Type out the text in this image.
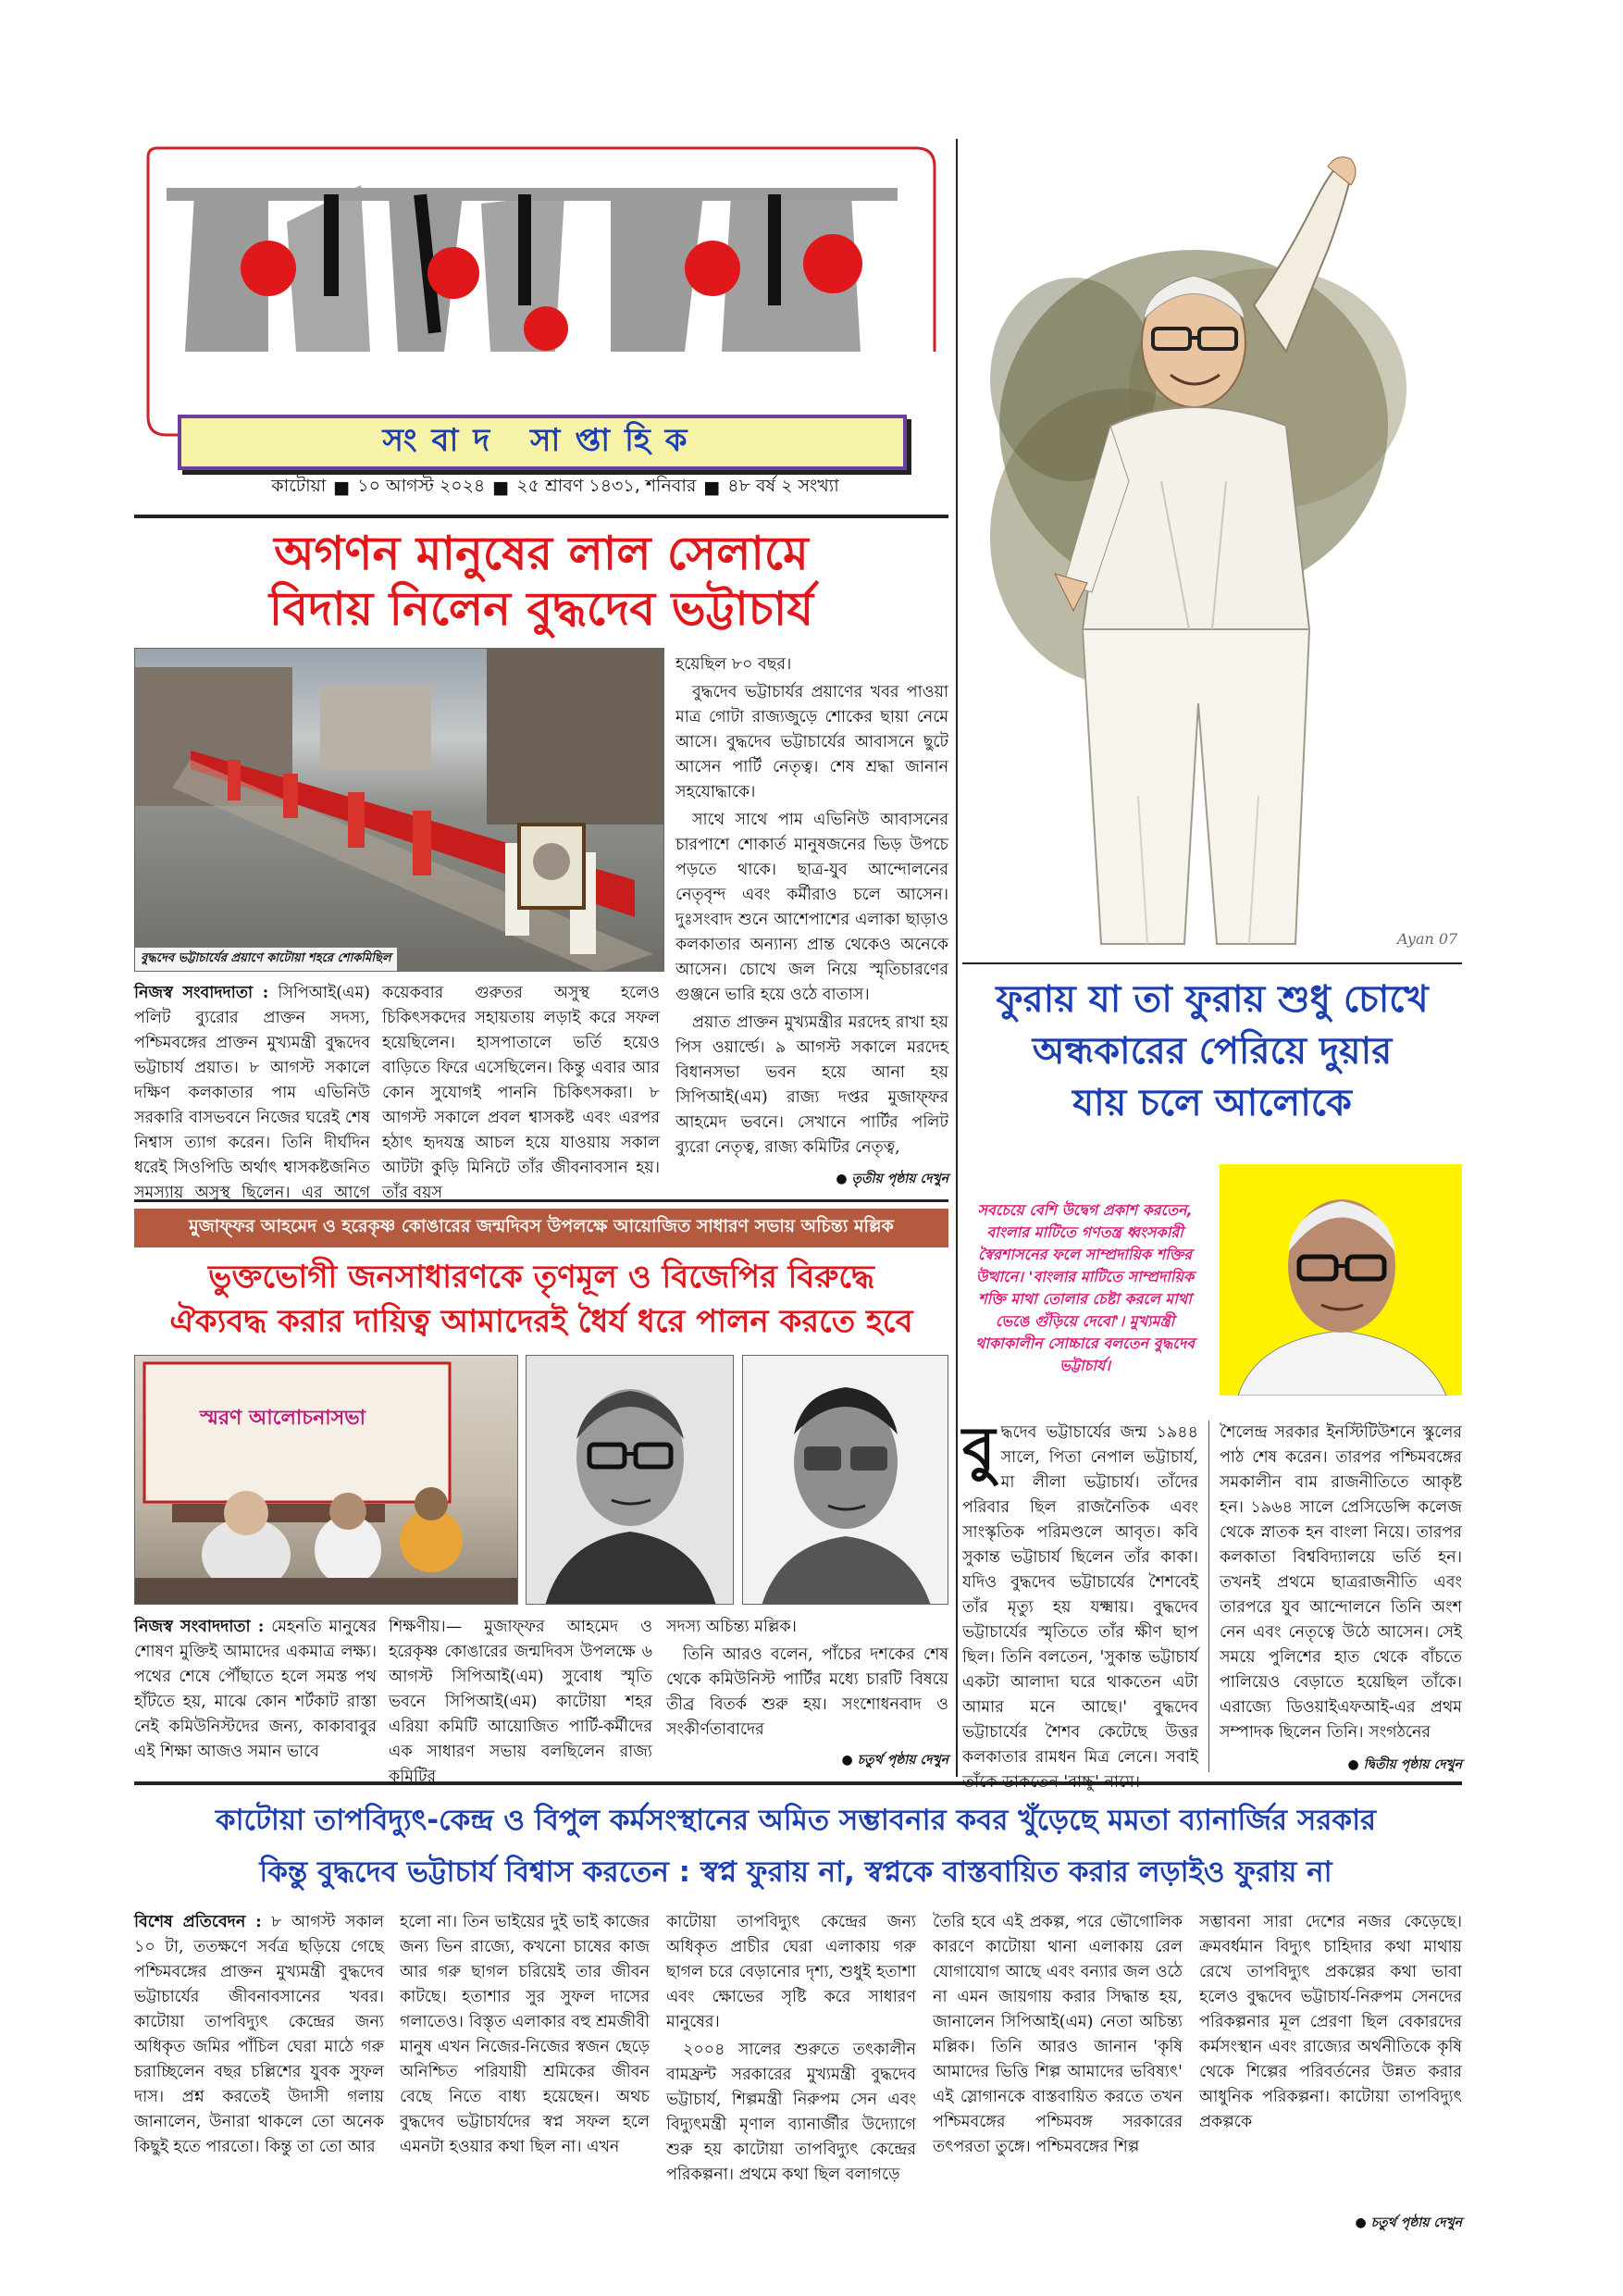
সংবাদ সাপ্তাহিক
কাটোয়া ■ ১০ আগস্ট ২০২৪ ■ ২৫ শ্রাবণ ১৪৩১, শনিবার ■ ৪৮ বর্ষ ২ সংখ্যা
অগণন মানুষের লাল সেলামে
বিদায় নিলেন বুদ্ধদেব ভট্টাচার্য
বুদ্ধদেব ভট্টাচার্যের প্রয়াণে কাটোয়া শহরে শোকমিছিল

নিজস্ব সংবাদদাতা : সিপিআই(এম) পলিট ব্যুরোর প্রাক্তন সদস্য, পশ্চিমবঙ্গের প্রাক্তন মুখ্যমন্ত্রী বুদ্ধদেব ভট্টাচার্য প্রয়াত। ৮ আগস্ট সকালে দক্ষিণ কলকাতার পাম এভিনিউ সরকারি বাসভবনে নিজের ঘরেই শেষ নিশ্বাস ত্যাগ করেন। তিনি দীর্ঘদিন ধরেই সিওপিডি অর্থাৎ শ্বাসকষ্টজনিত সমস্যায় অসুস্থ ছিলেন। এর আগে

কয়েকবার গুরুতর অসুস্থ হলেও চিকিৎসকদের সহায়তায় লড়াই করে সফল হয়েছিলেন। হাসপাতালে ভর্তি হয়েও বাড়িতে ফিরে এসেছিলেন। কিন্তু এবার আর কোন সুযোগই পাননি চিকিৎসকরা। ৮ আগস্ট সকালে প্রবল শ্বাসকষ্ট এবং এরপর হঠাৎ হৃদযন্ত্র আচল হয়ে যাওয়ায় সকাল আটটা কুড়ি মিনিটে তাঁর জীবনাবসান হয়। তাঁর বয়স

হয়েছিল ৮০ বছর।

বুদ্ধদেব ভট্টাচার্যর প্রয়াণের খবর পাওয়া মাত্র গোটা রাজ্যজুড়ে শোকের ছায়া নেমে আসে। বুদ্ধদেব ভট্টাচার্যের আবাসনে ছুটে আসেন পার্টি নেতৃত্ব। শেষ শ্রদ্ধা জানান সহযোদ্ধাকে।

সাথে সাথে পাম এভিনিউ আবাসনের চারপাশে শোকার্ত মানুষজনের ভিড় উপচে পড়তে থাকে। ছাত্র-যুব আন্দোলনের নেতৃবৃন্দ এবং কর্মীরাও চলে আসেন। দুঃসংবাদ শুনে আশেপাশের এলাকা ছাড়াও কলকাতার অন্যান্য প্রান্ত থেকেও অনেকে আসেন। চোখে জল নিয়ে স্মৃতিচারণের গুঞ্জনে ভারি হয়ে ওঠে বাতাস।

প্রয়াত প্রাক্তন মুখ্যমন্ত্রীর মরদেহ রাখা হয় পিস ওয়ার্ল্ডে। ৯ আগস্ট সকালে মরদেহ বিধানসভা ভবন হয়ে আনা হয় সিপিআই(এম) রাজ্য দপ্তর মুজাফ্‌ফর আহমেদ ভবনে। সেখানে পার্টির পলিট ব্যুরো নেতৃত্ব, রাজ্য কমিটির নেতৃত্ব,

● তৃতীয় পৃষ্ঠায় দেখুন
Ayan 07
ফুরায় যা তা ফুরায় শুধু চোখে
অন্ধকারের পেরিয়ে দুয়ার
যায় চলে আলোকে
সবচেয়ে বেশি উদ্বেগ প্রকাশ করতেন, বাংলার মাটিতে গণতন্ত্র ধ্বংসকারী স্বৈরশাসনের ফলে সাম্প্রদায়িক শক্তির উত্থানে। 'বাংলার মাটিতে সাম্প্রদায়িক শক্তি মাথা তোলার চেষ্টা করলে মাথা ভেঙে গুঁড়িয়ে দেবো'। মুখ্যমন্ত্রী থাকাকালীন সোচ্চারে বলতেন বুদ্ধদেব ভট্টাচার্য।

বুদ্ধদেব ভট্টাচার্যের জন্ম ১৯৪৪ সালে, পিতা নেপাল ভট্টাচার্য, মা লীলা ভট্টাচার্য। তাঁদের পরিবার ছিল রাজনৈতিক এবং সাংস্কৃতিক পরিমণ্ডলে আবৃত। কবি সুকান্ত ভট্টাচার্য ছিলেন তাঁর কাকা। যদিও বুদ্ধদেব ভট্টাচার্যের শৈশবেই তাঁর মৃত্যু হয় যক্ষ্মায়। বুদ্ধদেব ভট্টাচার্যের স্মৃতিতে তাঁর ক্ষীণ ছাপ ছিল। তিনি বলতেন, 'সুকান্ত ভট্টাচার্য একটা আলাদা ঘরে থাকতেন এটা আমার মনে আছে।' বুদ্ধদেব ভট্টাচার্যের শৈশব কেটেছে উত্তর কলকাতার রামধন মিত্র লেনে। সবাই তাঁকে ডাকতেন 'বাচ্চু' নামে।

শৈলেন্দ্র সরকার ইনস্টিটিউশনে স্কুলের পাঠ শেষ করেন। তারপর পশ্চিমবঙ্গের সমকালীন বাম রাজনীতিতে আকৃষ্ট হন। ১৯৬৪ সালে প্রেসিডেন্সি কলেজ থেকে স্নাতক হন বাংলা নিয়ে। তারপর কলকাতা বিশ্ববিদ্যালয়ে ভর্তি হন। তখনই প্রথমে ছাত্ররাজনীতি এবং তারপরে যুব আন্দোলনে তিনি অংশ নেন এবং নেতৃত্বে উঠে আসেন। সেই সময়ে পুলিশের হাত থেকে বাঁচতে পালিয়েও বেড়াতে হয়েছিল তাঁকে। এরাজ্যে ডিওয়াইএফআই-এর প্রথম সম্পাদক ছিলেন তিনি। সংগঠনের

● দ্বিতীয় পৃষ্ঠায় দেখুন
মুজাফ্‌ফর আহমেদ ও হরেকৃষ্ণ কোঙারের জন্মদিবস উপলক্ষে আয়োজিত সাধারণ সভায় অচিন্ত্য মল্লিক
ভুক্তভোগী জনসাধারণকে তৃণমূল ও বিজেপির বিরুদ্ধে
ঐক্যবদ্ধ করার দায়িত্ব আমাদেরই ধৈর্য ধরে পালন করতে হবে
স্মরণ আলোচনাসভা

নিজস্ব সংবাদদাতা : মেহনতি মানুষের শোষণ মুক্তিই আমাদের একমাত্র লক্ষ্য। পথের শেষে পৌঁছাতে হলে সমস্ত পথ হাঁটতে হয়, মাঝে কোন শর্টকাট রাস্তা নেই কমিউনিস্টদের জন্য, কাকাবাবুর এই শিক্ষা আজও সমান ভাবে

শিক্ষণীয়।— মুজাফ্‌ফর আহমেদ ও হরেকৃষ্ণ কোঙারের জন্মদিবস উপলক্ষে ৬ আগস্ট সিপিআই(এম) সুবোধ স্মৃতি ভবনে সিপিআই(এম) কাটোয়া শহর এরিয়া কমিটি আয়োজিত পার্টি-কর্মীদের এক সাধারণ সভায় বলছিলেন রাজ্য কমিটির

সদস্য অচিন্ত্য মল্লিক।

তিনি আরও বলেন, পাঁচের দশকের শেষ থেকে কমিউনিস্ট পার্টির মধ্যে চারটি বিষয়ে তীব্র বিতর্ক শুরু হয়। সংশোধনবাদ ও সংকীর্ণতাবাদের

● চতুর্থ পৃষ্ঠায় দেখুন
কাটোয়া তাপবিদ্যুৎ-কেন্দ্র ও বিপুল কর্মসংস্থানের অমিত সম্ভাবনার কবর খুঁড়েছে মমতা ব্যানার্জির সরকার
কিন্তু বুদ্ধদেব ভট্টাচার্য বিশ্বাস করতেন : স্বপ্ন ফুরায় না, স্বপ্নকে বাস্তবায়িত করার লড়াইও ফুরায় না

বিশেষ প্রতিবেদন : ৮ আগস্ট সকাল ১০ টা, ততক্ষণে সর্বত্র ছড়িয়ে গেছে পশ্চিমবঙ্গের প্রাক্তন মুখ্যমন্ত্রী বুদ্ধদেব ভট্টাচার্যের জীবনাবসানের খবর। কাটোয়া তাপবিদ্যুৎ কেন্দ্রের জন্য অধিকৃত জমির পাঁচিল ঘেরা মাঠে গরু চরাচ্ছিলেন বছর চল্লিশের যুবক সুফল দাস। প্রশ্ন করতেই উদাসী গলায় জানালেন, উনারা থাকলে তো অনেক কিছুই হতে পারতো। কিন্তু তা তো আর

হলো না। তিন ভাইয়ের দুই ভাই কাজের জন্য ভিন রাজ্যে, কখনো চাষের কাজ আর গরু ছাগল চরিয়েই তার জীবন কাটছে। হতাশার সুর সুফল দাসের গলাতেও। বিস্তৃত এলাকার বহু শ্রমজীবী মানুষ এখন নিজের-নিজের স্বজন ছেড়ে অনিশ্চিত পরিযায়ী শ্রমিকের জীবন বেছে নিতে বাধ্য হয়েছেন। অথচ বুদ্ধদেব ভট্টাচার্যদের স্বপ্ন সফল হলে এমনটা হওয়ার কথা ছিল না। এখন

কাটোয়া তাপবিদ্যুৎ কেন্দ্রের জন্য অধিকৃত প্রাচীর ঘেরা এলাকায় গরু ছাগল চরে বেড়ানোর দৃশ্য, শুধুই হতাশা এবং ক্ষোভের সৃষ্টি করে সাধারণ মানুষের।

২০০৪ সালের শুরুতে তৎকালীন বামফ্রন্ট সরকারের মুখ্যমন্ত্রী বুদ্ধদেব ভট্টাচার্য, শিল্পমন্ত্রী নিরুপম সেন এবং বিদ্যুৎমন্ত্রী মৃণাল ব্যানার্জীর উদ্যোগে শুরু হয় কাটোয়া তাপবিদ্যুৎ কেন্দ্রের পরিকল্পনা। প্রথমে কথা ছিল বলাগড়ে

তৈরি হবে এই প্রকল্প, পরে ভৌগোলিক কারণে কাটোয়া থানা এলাকায় রেল যোগাযোগ আছে এবং বন্যার জল ওঠে না এমন জায়গায় করার সিদ্ধান্ত হয়, জানালেন সিপিআই(এম) নেতা অচিন্ত্য মল্লিক। তিনি আরও জানান 'কৃষি আমাদের ভিত্তি শিল্প আমাদের ভবিষ্যৎ' এই স্লোগানকে বাস্তবায়িত করতে তখন পশ্চিমবঙ্গের পশ্চিমবঙ্গ সরকারের তৎপরতা তুঙ্গে। পশ্চিমবঙ্গের শিল্প

সম্ভাবনা সারা দেশের নজর কেড়েছে। ক্রমবর্ধমান বিদ্যুৎ চাহিদার কথা মাথায় রেখে তাপবিদ্যুৎ প্রকল্পের কথা ভাবা হলেও বুদ্ধদেব ভট্টাচার্য-নিরুপম সেনদের পরিকল্পনার মূল প্রেরণা ছিল বেকারদের কর্মসংস্থান এবং রাজ্যের অর্থনীতিকে কৃষি থেকে শিল্পের পরিবর্তনের উন্নত করার আধুনিক পরিকল্পনা। কাটোয়া তাপবিদ্যুৎ প্রকল্পকে

● চতুর্থ পৃষ্ঠায় দেখুন
